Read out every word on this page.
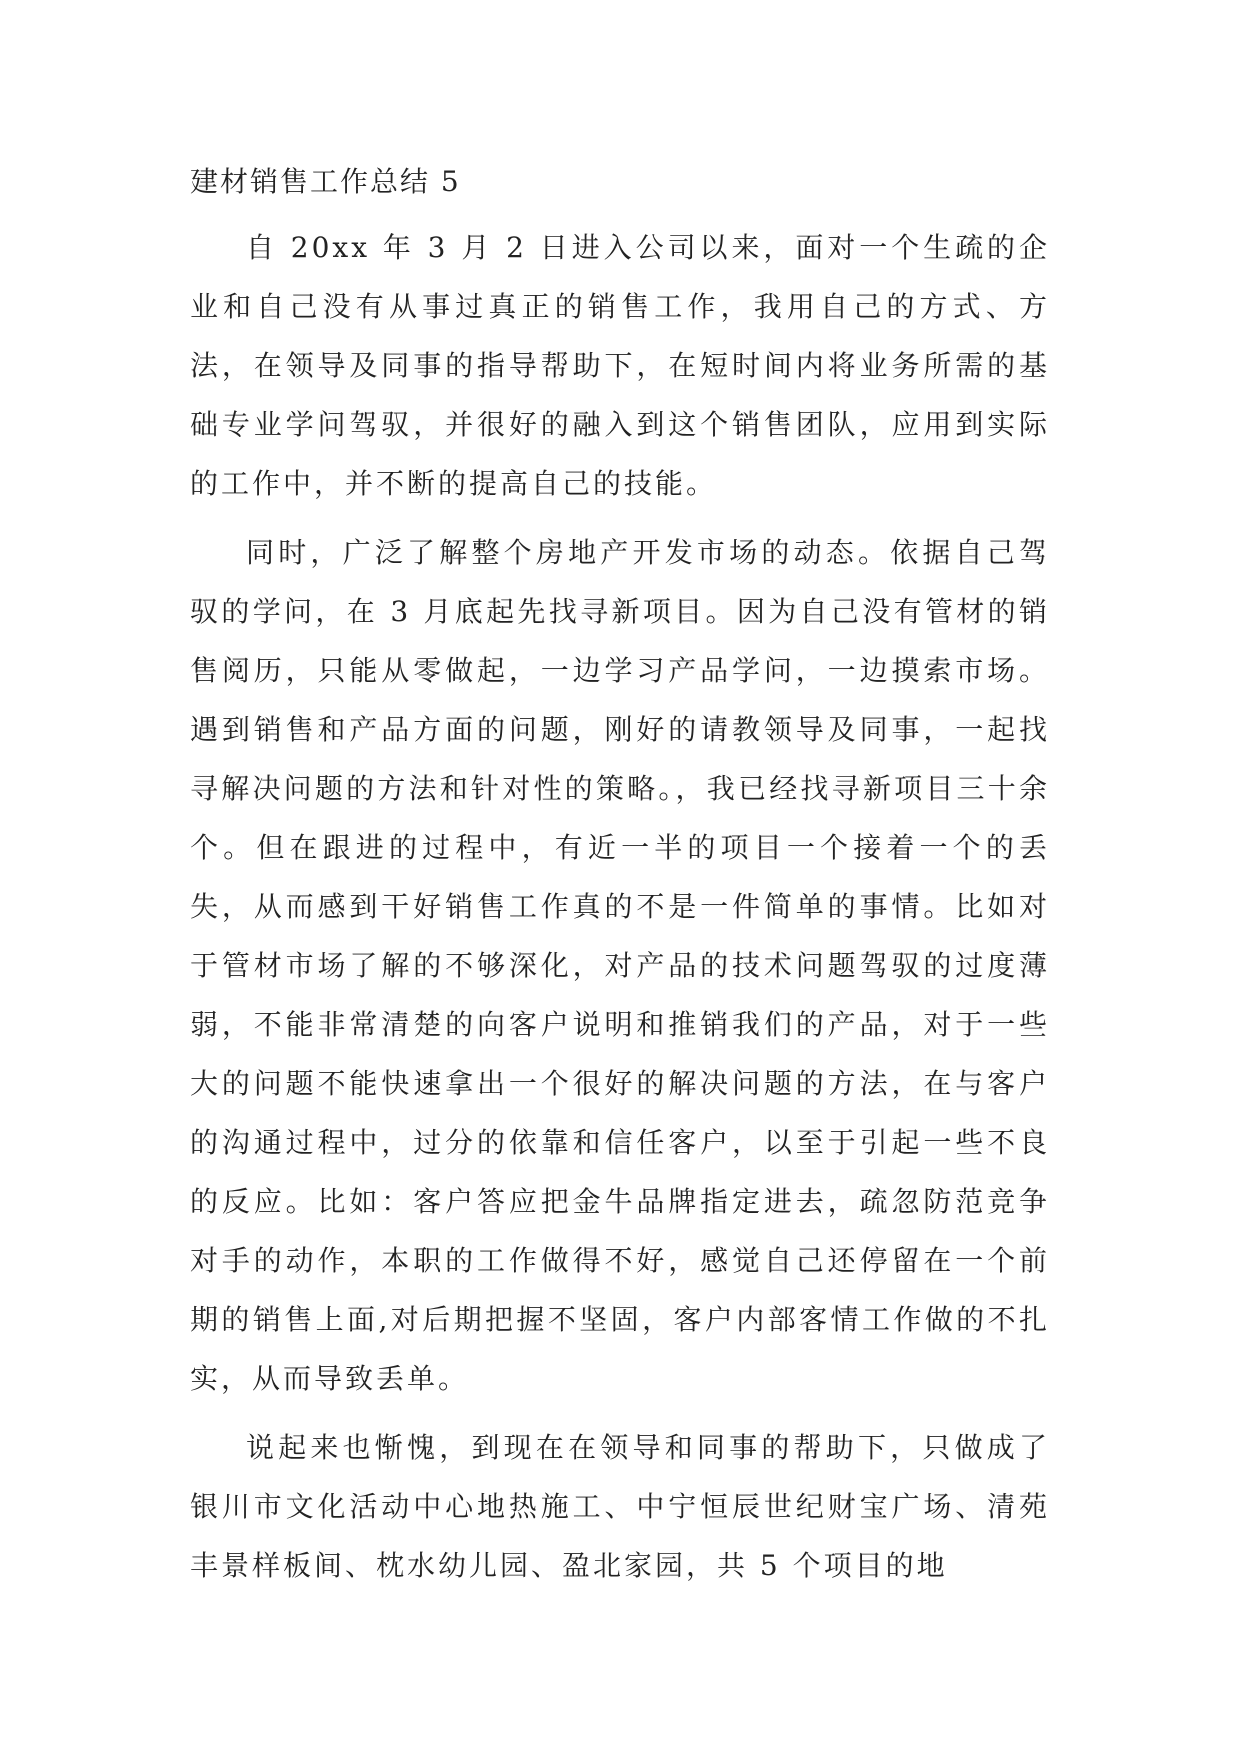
建材销售工作总结 5

自 20xx 年 3 月 2 日进入公司以来，面对一个生疏的企业和自己没有从事过真正的销售工作，我用自己的方式、方法，在领导及同事的指导帮助下，在短时间内将业务所需的基础专业学问驾驭，并很好的融入到这个销售团队，应用到实际的工作中，并不断的提高自己的技能。

同时，广泛了解整个房地产开发市场的动态。依据自己驾驭的学问，在 3 月底起先找寻新项目。因为自己没有管材的销售阅历，只能从零做起，一边学习产品学问，一边摸索市场。遇到销售和产品方面的问题，刚好的请教领导及同事，一起找寻解决问题的方法和针对性的策略。，我已经找寻新项目三十余个。但在跟进的过程中，有近一半的项目一个接着一个的丢失，从而感到干好销售工作真的不是一件简单的事情。比如对于管材市场了解的不够深化，对产品的技术问题驾驭的过度薄弱，不能非常清楚的向客户说明和推销我们的产品，对于一些大的问题不能快速拿出一个很好的解决问题的方法，在与客户的沟通过程中，过分的依靠和信任客户，以至于引起一些不良的反应。比如：客户答应把金牛品牌指定进去，疏忽防范竞争对手的动作，本职的工作做得不好，感觉自己还停留在一个前期的销售上面,对后期把握不坚固，客户内部客情工作做的不扎实，从而导致丢单。

说起来也惭愧，到现在在领导和同事的帮助下，只做成了银川市文化活动中心地热施工、中宁恒辰世纪财宝广场、清苑丰景样板间、枕水幼儿园、盈北家园，共 5 个项目的地
